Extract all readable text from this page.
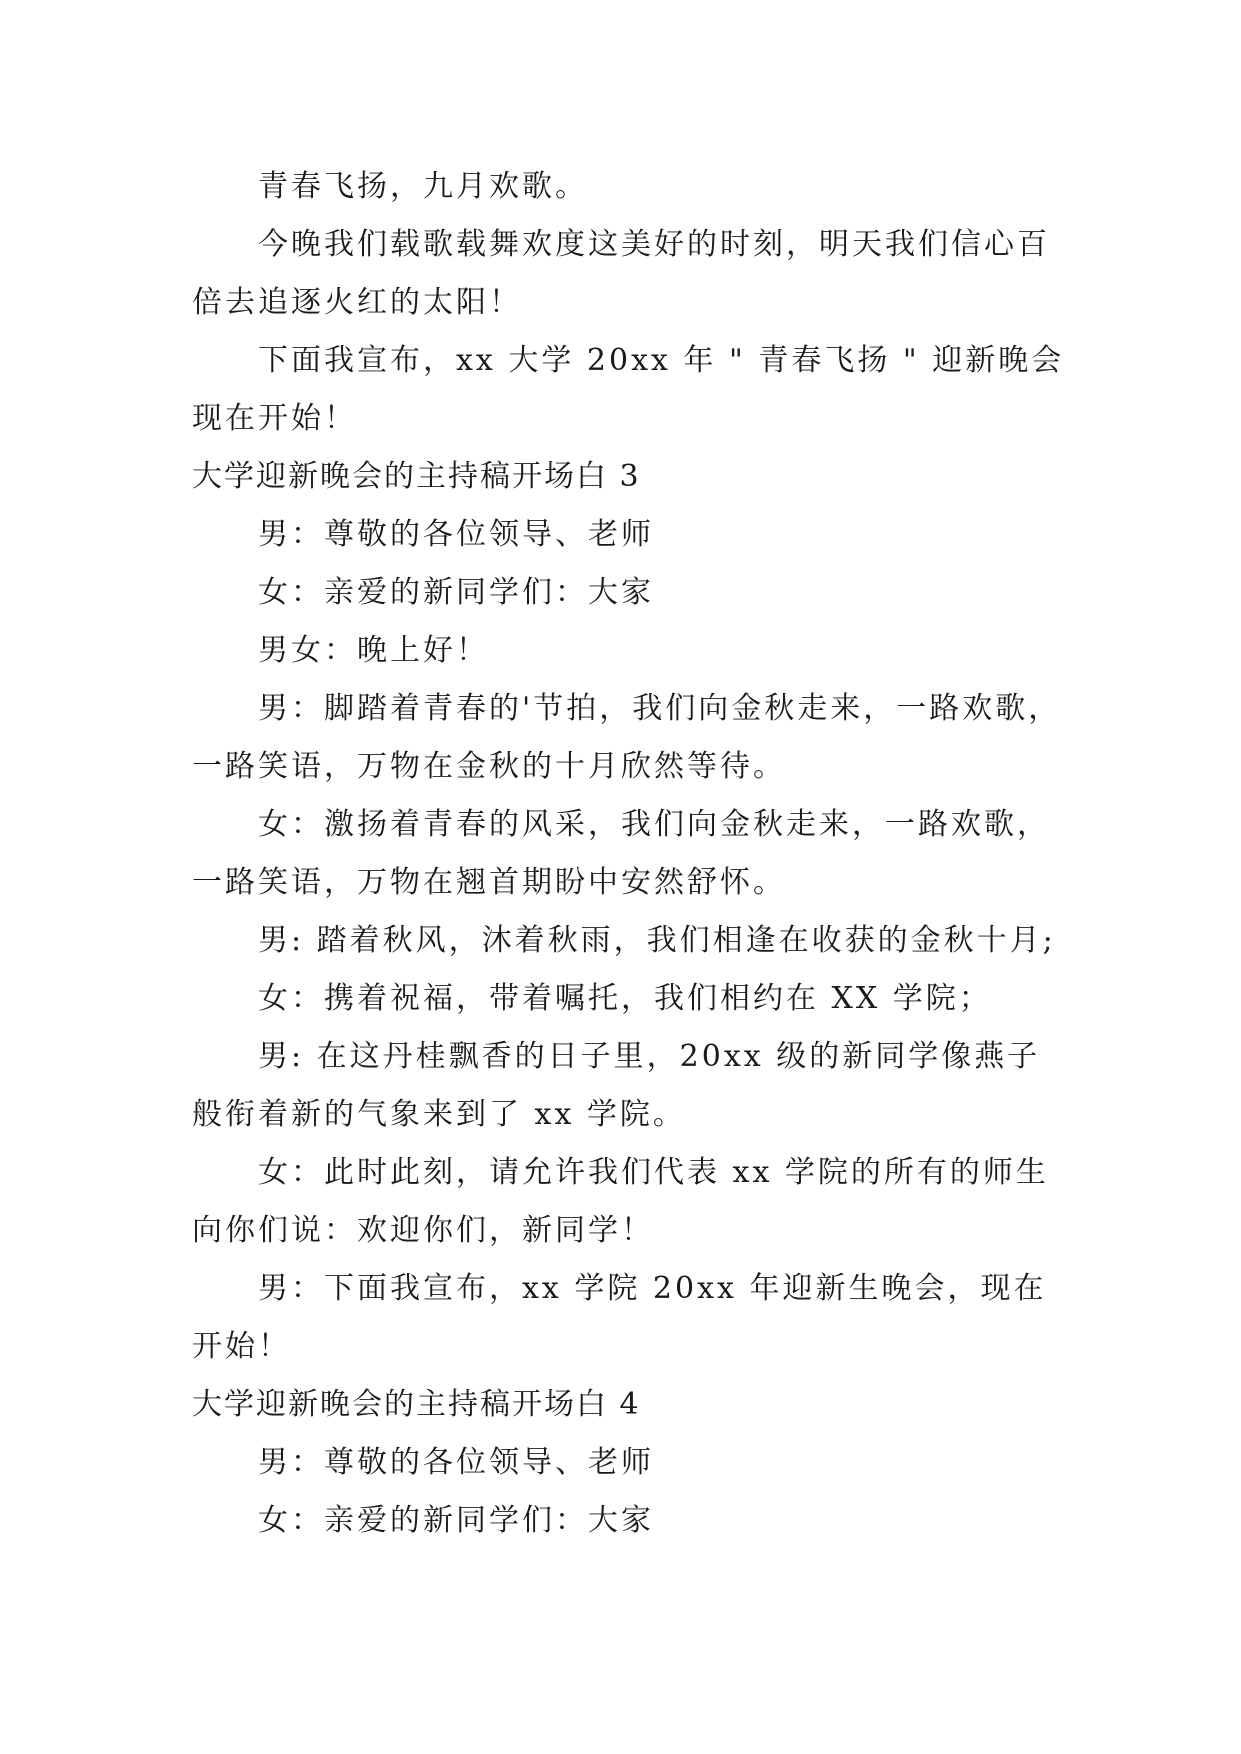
青春飞扬，九月欢歌。

今晚我们载歌载舞欢度这美好的时刻，明天我们信心百倍去追逐火红的太阳！

下面我宣布，xx 大学 20xx 年 " 青春飞扬 " 迎新晚会现在开始！

大学迎新晚会的主持稿开场白 3

男：尊敬的各位领导、老师

女：亲爱的新同学们：大家

男女：晚上好！

男：脚踏着青春的'节拍，我们向金秋走来，一路欢歌，一路笑语，万物在金秋的十月欣然等待。

女：激扬着青春的风采，我们向金秋走来，一路欢歌，一路笑语，万物在翘首期盼中安然舒怀。

男: 踏着秋风，沐着秋雨，我们相逢在收获的金秋十月;

女：携着祝福，带着嘱托，我们相约在 XX 学院；

男: 在这丹桂飘香的日子里，20xx 级的新同学像燕子般衔着新的气象来到了 xx 学院。

女：此时此刻，请允许我们代表 xx 学院的所有的师生向你们说：欢迎你们，新同学！

男：下面我宣布，xx 学院 20xx 年迎新生晚会，现在开始！

大学迎新晚会的主持稿开场白 4

男：尊敬的各位领导、老师

女：亲爱的新同学们：大家
